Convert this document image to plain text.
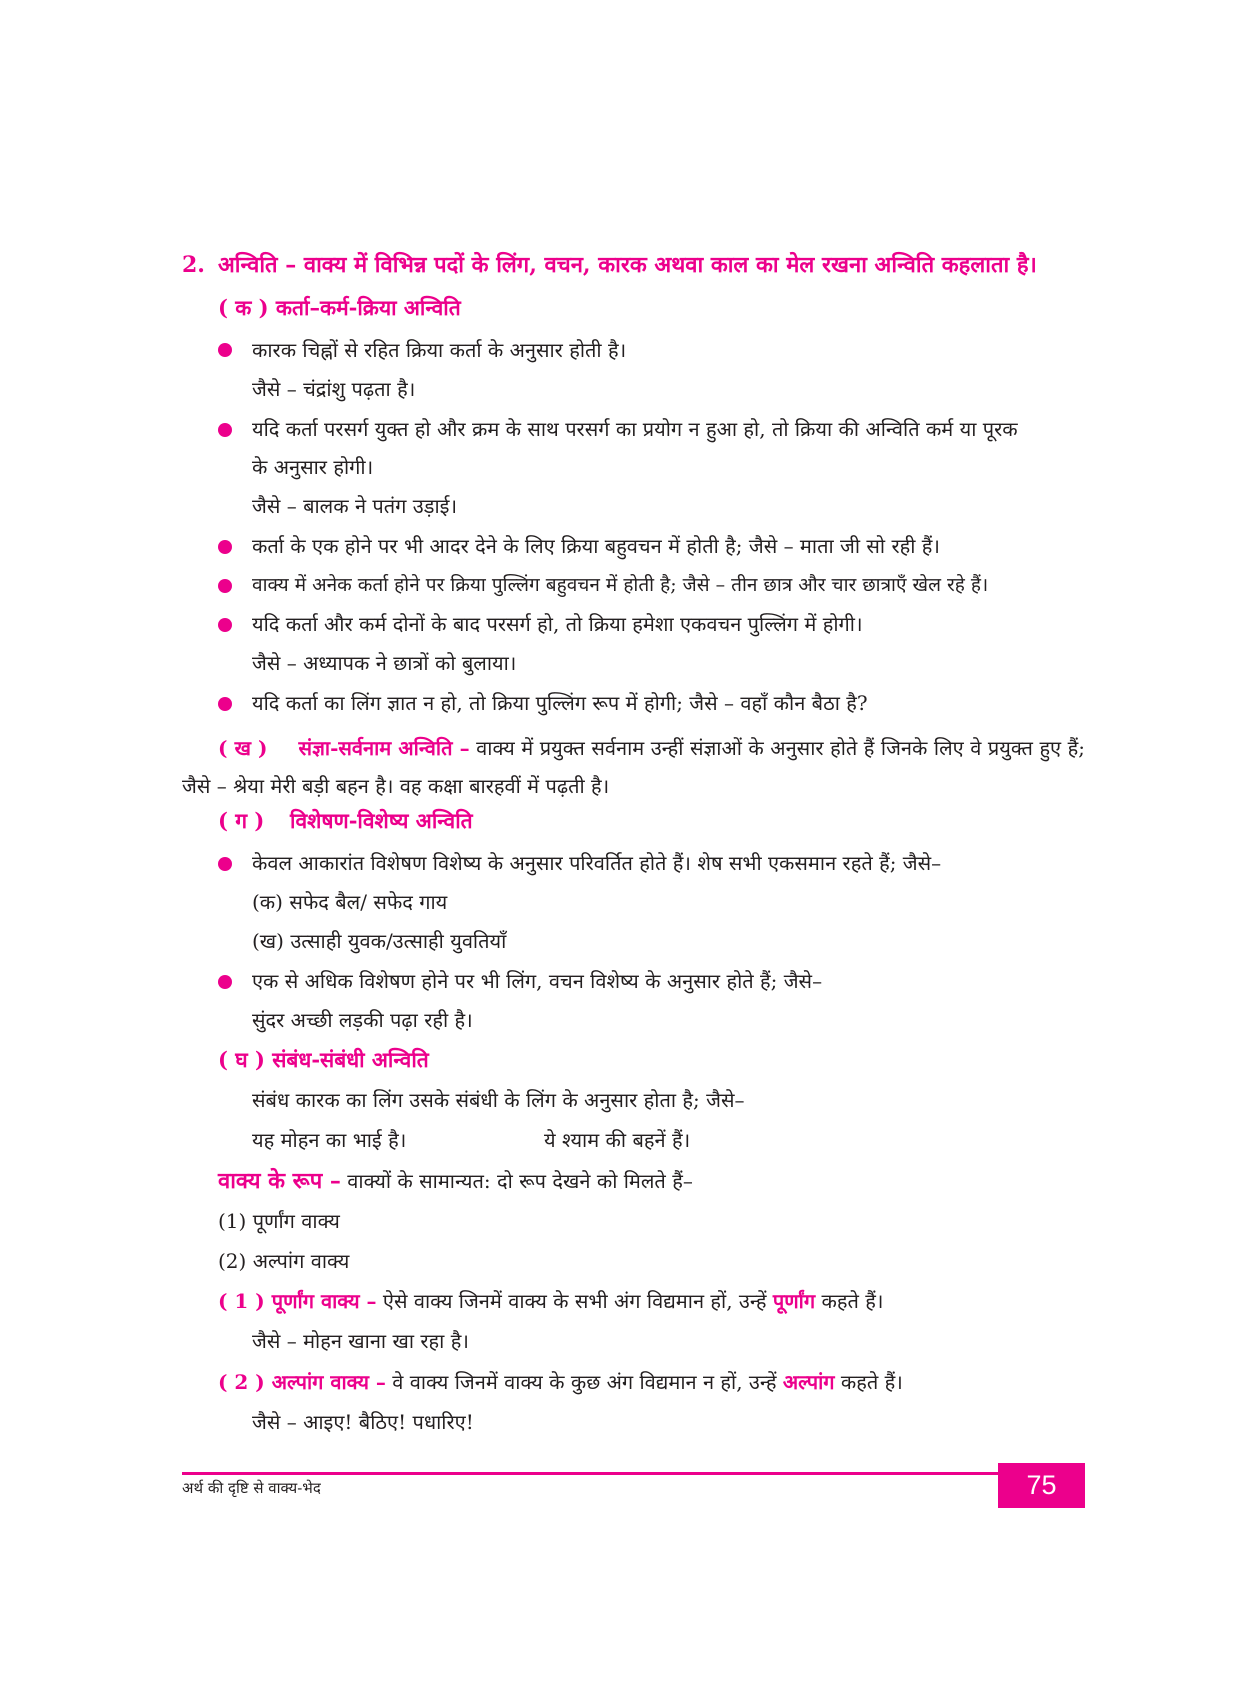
2. अन्विति – वाक्य में विभिन्न पदों के लिंग, वचन, कारक अथवा काल का मेल रखना अन्विति कहलाता है।
( क ) कर्ता–कर्म-क्रिया अन्विति
कारक चिह्नों से रहित क्रिया कर्ता के अनुसार होती है।
जैसे – चंद्रांशु पढ़ता है।
यदि कर्ता परसर्ग युक्त हो और क्रम के साथ परसर्ग का प्रयोग न हुआ हो, तो क्रिया की अन्विति कर्म या पूरक
के अनुसार होगी।
जैसे – बालक ने पतंग उड़ाई।
कर्ता के एक होने पर भी आदर देने के लिए क्रिया बहुवचन में होती है; जैसे – माता जी सो रही हैं।
वाक्य में अनेक कर्ता होने पर क्रिया पुल्लिंग बहुवचन में होती है; जैसे – तीन छात्र और चार छात्राएँ खेल रहे हैं।
यदि कर्ता और कर्म दोनों के बाद परसर्ग हो, तो क्रिया हमेशा एकवचन पुल्लिंग में होगी।
जैसे – अध्यापक ने छात्रों को बुलाया।
यदि कर्ता का लिंग ज्ञात न हो, तो क्रिया पुल्लिंग रूप में होगी; जैसे – वहाँ कौन बैठा है?
( ख ) संज्ञा-सर्वनाम अन्विति – वाक्य में प्रयुक्त सर्वनाम उन्हीं संज्ञाओं के अनुसार होते हैं जिनके लिए वे प्रयुक्त हुए हैं; जैसे – श्रेया मेरी बड़ी बहन है। वह कक्षा बारहवीं में पढ़ती है।
( ग ) विशेषण-विशेष्य अन्विति
केवल आकारांत विशेषण विशेष्य के अनुसार परिवर्तित होते हैं। शेष सभी एकसमान रहते हैं; जैसे–
(क) सफेद बैल/ सफेद गाय
(ख) उत्साही युवक/उत्साही युवतियाँ
एक से अधिक विशेषण होने पर भी लिंग, वचन विशेष्य के अनुसार होते हैं; जैसे–
सुंदर अच्छी लड़की पढ़ा रही है।
( घ ) संबंध-संबंधी अन्विति
संबंध कारक का लिंग उसके संबंधी के लिंग के अनुसार होता है; जैसे–
यह मोहन का भाई है।	ये श्याम की बहनें हैं।
वाक्य के रूप – वाक्यों के सामान्यत: दो रूप देखने को मिलते हैं–
(1) पूर्णांग वाक्य
(2) अल्पांग वाक्य
( 1 ) पूर्णांग वाक्य – ऐसे वाक्य जिनमें वाक्य के सभी अंग विद्यमान हों, उन्हें पूर्णांग कहते हैं।
जैसे – मोहन खाना खा रहा है।
( 2 ) अल्पांग वाक्य – वे वाक्य जिनमें वाक्य के कुछ अंग विद्यमान न हों, उन्हें अल्पांग कहते हैं।
जैसे – आइए! बैठिए! पधारिए!
अर्थ की दृष्टि से वाक्य-भेद	75
